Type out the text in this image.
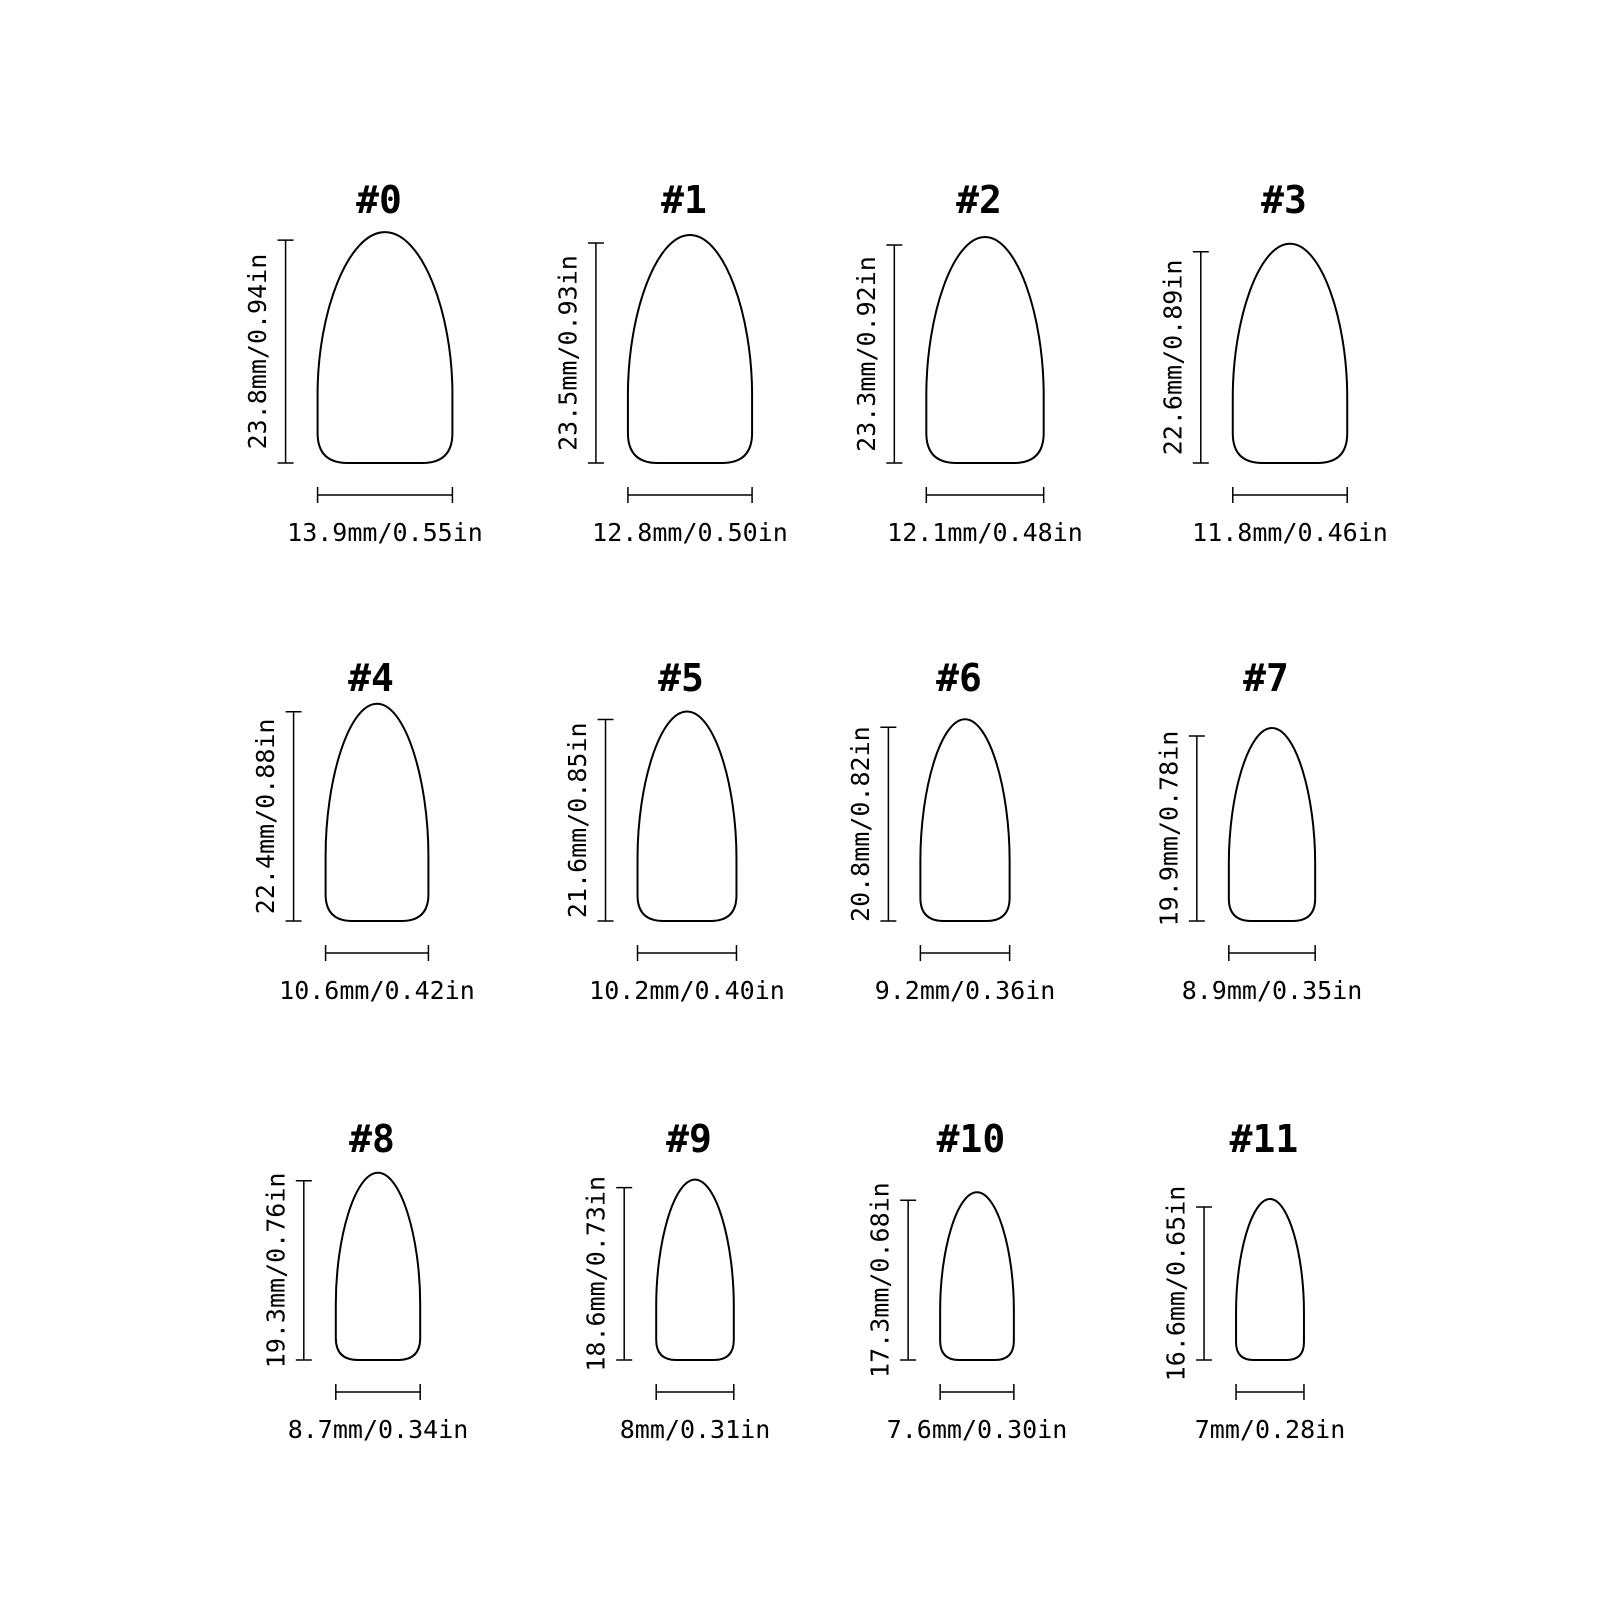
#0
23.8mm/0.94in
13.9mm/0.55in
#1
23.5mm/0.93in
12.8mm/0.50in
#2
23.3mm/0.92in
12.1mm/0.48in
#3
22.6mm/0.89in
11.8mm/0.46in
#4
22.4mm/0.88in
10.6mm/0.42in
#5
21.6mm/0.85in
10.2mm/0.40in
#6
20.8mm/0.82in
9.2mm/0.36in
#7
19.9mm/0.78in
8.9mm/0.35in
#8
19.3mm/0.76in
8.7mm/0.34in
#9
18.6mm/0.73in
8mm/0.31in
#10
17.3mm/0.68in
7.6mm/0.30in
#11
16.6mm/0.65in
7mm/0.28in
